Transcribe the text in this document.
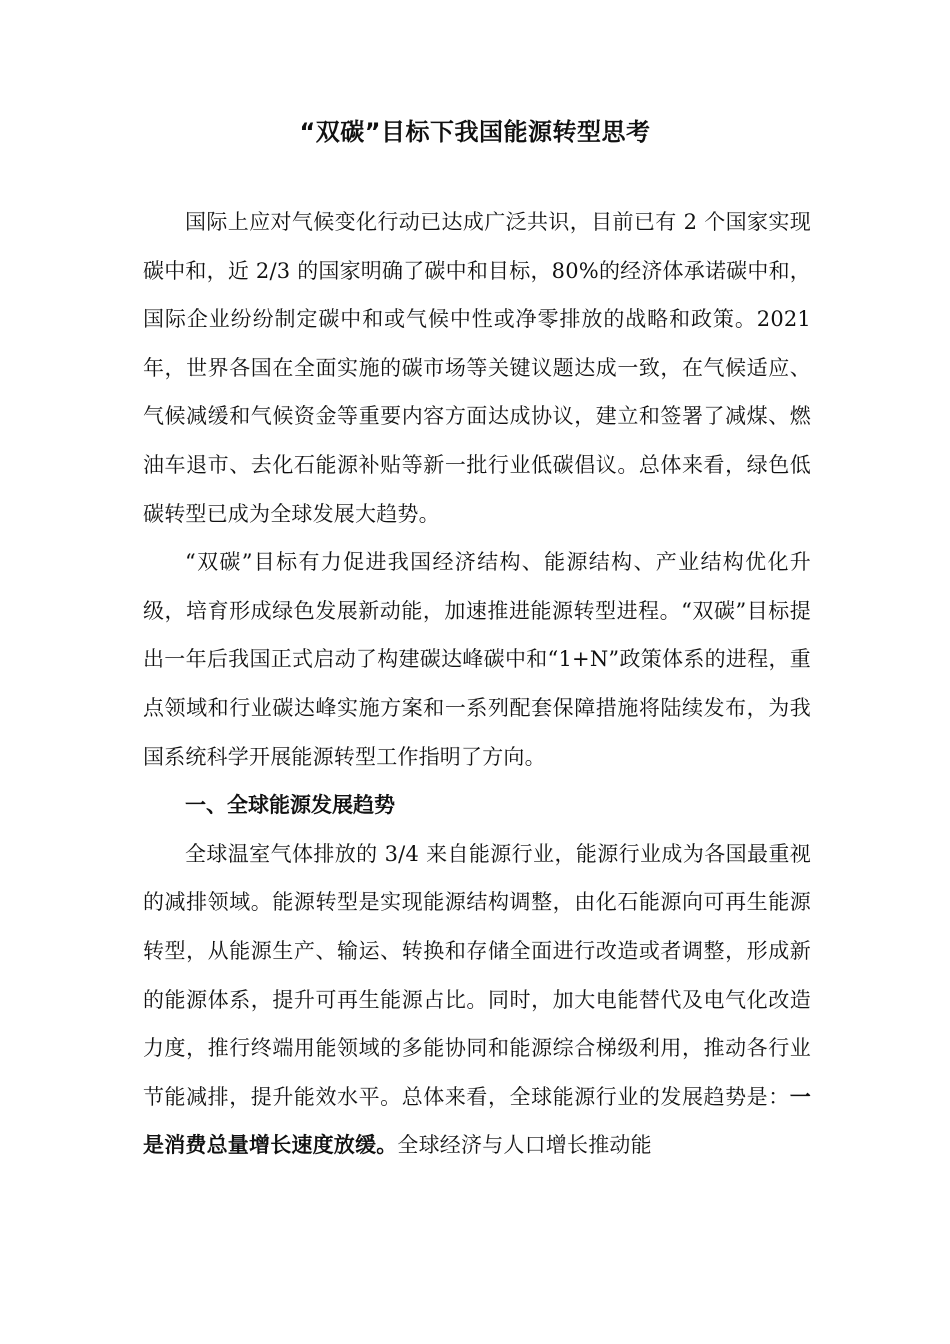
“双碳”目标下我国能源转型思考

国际上应对气候变化行动已达成广泛共识，目前已有 2 个国家实现碳中和，近 2/3 的国家明确了碳中和目标，80%的经济体承诺碳中和，国际企业纷纷制定碳中和或气候中性或净零排放的战略和政策。2021 年，世界各国在全面实施的碳市场等关键议题达成一致，在气候适应、气候减缓和气候资金等重要内容方面达成协议，建立和签署了减煤、燃油车退市、去化石能源补贴等新一批行业低碳倡议。总体来看，绿色低碳转型已成为全球发展大趋势。

“双碳”目标有力促进我国经济结构、能源结构、产业结构优化升级，培育形成绿色发展新动能，加速推进能源转型进程。“双碳”目标提出一年后我国正式启动了构建碳达峰碳中和“1+N”政策体系的进程，重点领域和行业碳达峰实施方案和一系列配套保障措施将陆续发布，为我国系统科学开展能源转型工作指明了方向。

一、全球能源发展趋势

全球温室气体排放的 3/4 来自能源行业，能源行业成为各国最重视的减排领域。能源转型是实现能源结构调整，由化石能源向可再生能源转型，从能源生产、输运、转换和存储全面进行改造或者调整，形成新的能源体系，提升可再生能源占比。同时，加大电能替代及电气化改造力度，推行终端用能领域的多能协同和能源综合梯级利用，推动各行业节能减排，提升能效水平。总体来看，全球能源行业的发展趋势是：一是消费总量增长速度放缓。全球经济与人口增长推动能
